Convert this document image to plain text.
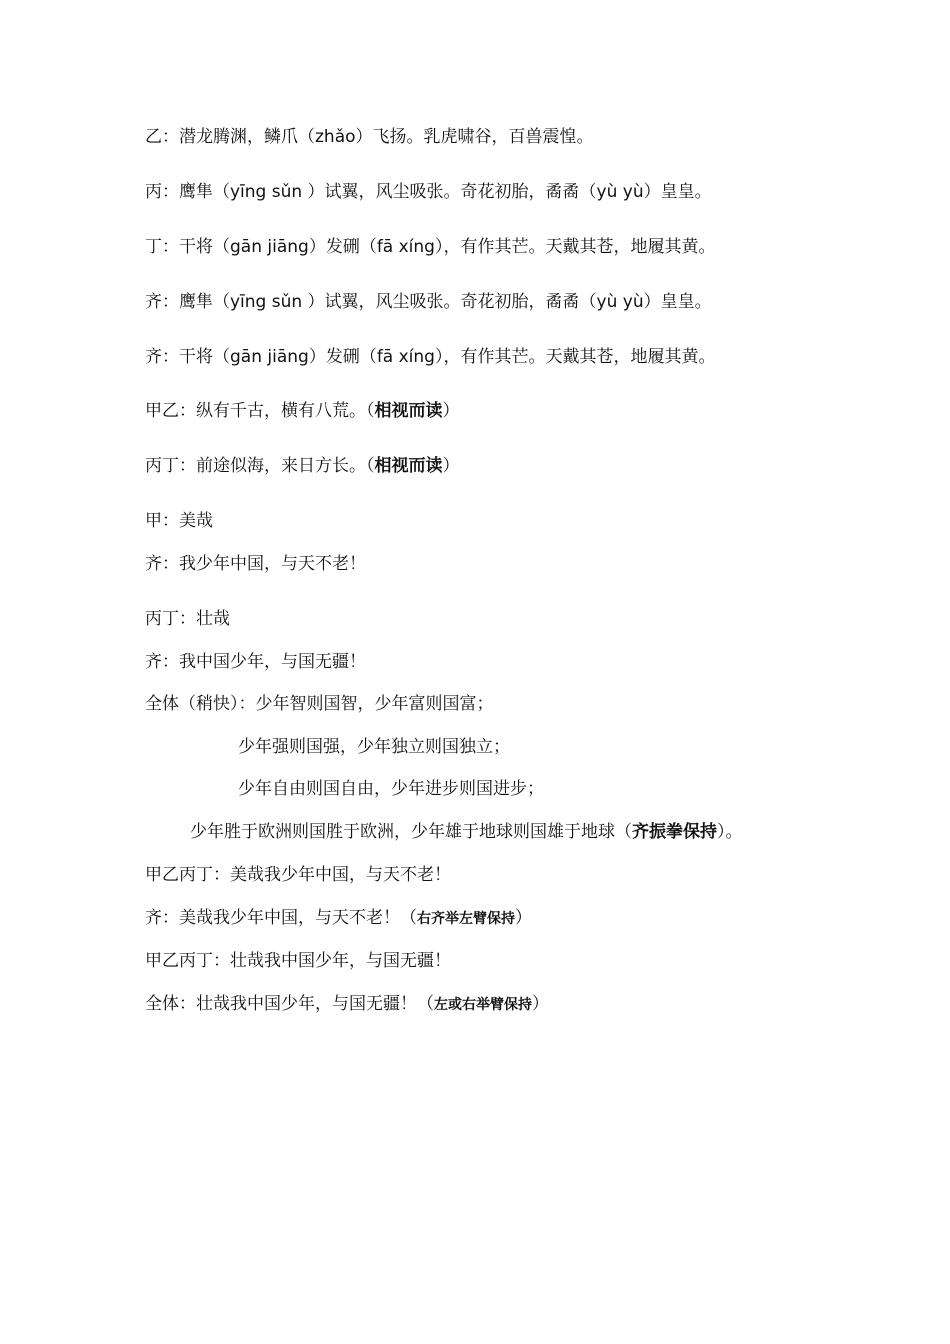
乙：潜龙腾渊，鳞爪（zhǎo）飞扬。乳虎啸谷，百兽震惶。
丙：鹰隼（yīng sǔn ）试翼，风尘吸张。奇花初胎，矞矞（yù yù）皇皇。
丁：干将（gān jiāng）发硎（fā xíng），有作其芒。天戴其苍，地履其黄。
齐：鹰隼（yīng sǔn ）试翼，风尘吸张。奇花初胎，矞矞（yù yù）皇皇。
齐：干将（gān jiāng）发硎（fā xíng），有作其芒。天戴其苍，地履其黄。
甲乙：纵有千古，横有八荒。（相视而读）
丙丁：前途似海，来日方长。（相视而读）
甲：美哉
齐：我少年中国，与天不老！
丙丁：壮哉
齐：我中国少年，与国无疆！
全体（稍快）：少年智则国智，少年富则国富；
少年强则国强，少年独立则国独立；
少年自由则国自由，少年进步则国进步；
少年胜于欧洲则国胜于欧洲，少年雄于地球则国雄于地球（齐振拳保持）。
甲乙丙丁：美哉我少年中国，与天不老！
齐：美哉我少年中国，与天不老！（右齐举左臂保持）
甲乙丙丁：壮哉我中国少年，与国无疆！
全体：壮哉我中国少年，与国无疆！（左或右举臂保持）
